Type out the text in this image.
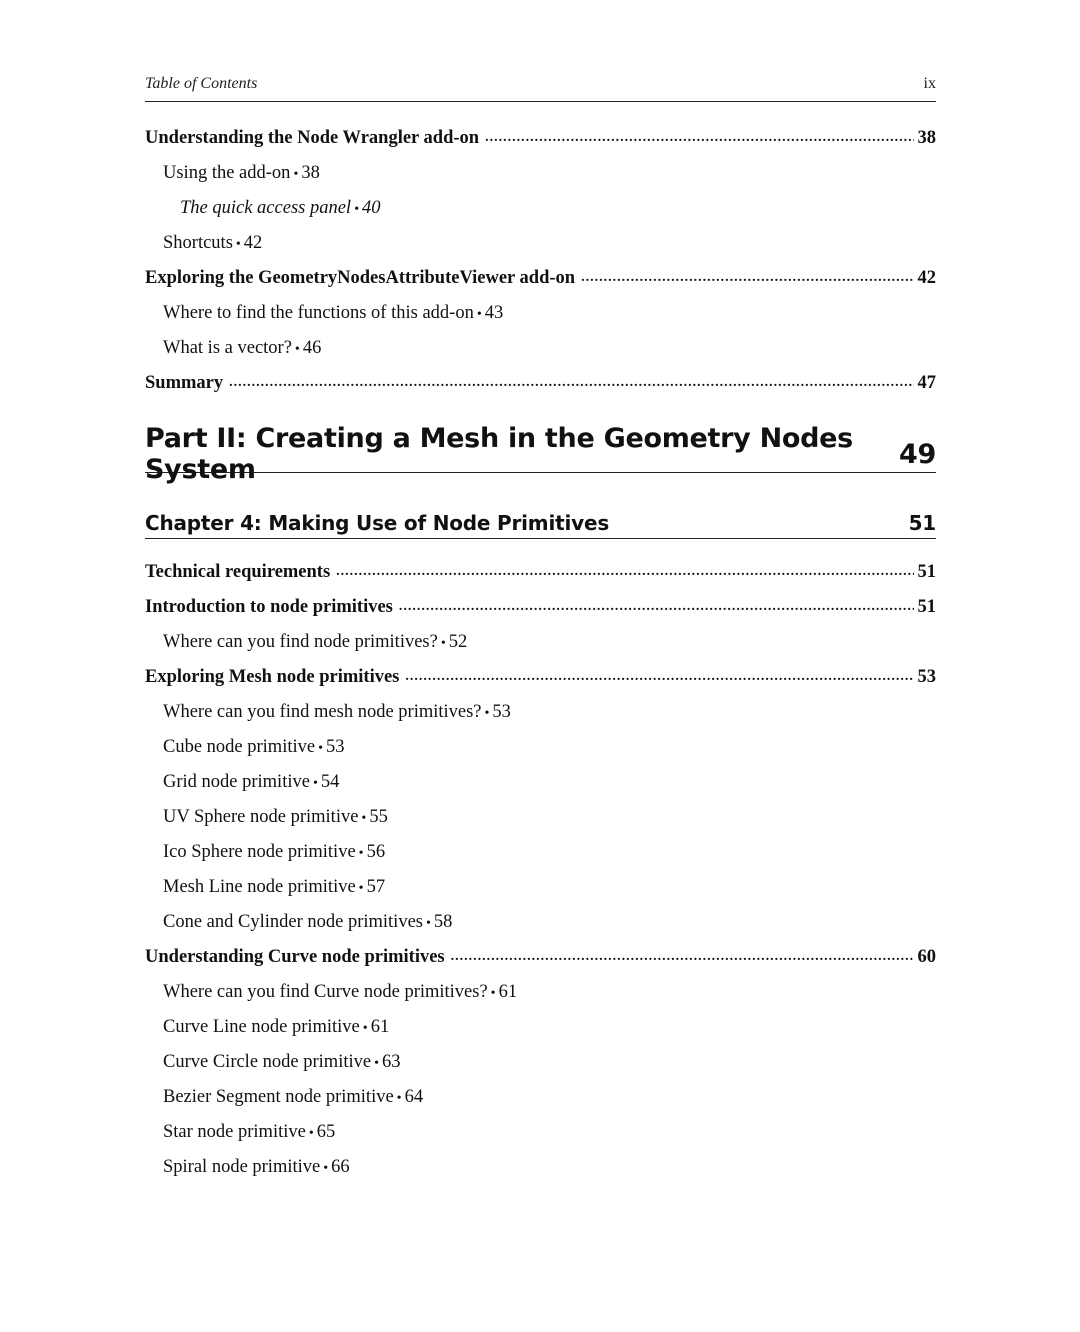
Table of Contents	ix
Understanding the Node Wrangler add-on .....	38
Using the add-on • 38
The quick access panel • 40
Shortcuts • 42
Exploring the GeometryNodesAttributeViewer add-on .....	42
Where to find the functions of this add-on • 43
What is a vector? • 46
Summary .....	47
Part II: Creating a Mesh in the Geometry Nodes System	49
Chapter 4: Making Use of Node Primitives	51
Technical requirements .....	51
Introduction to node primitives .....	51
Where can you find node primitives? • 52
Exploring Mesh node primitives .....	53
Where can you find mesh node primitives? • 53
Cube node primitive • 53
Grid node primitive • 54
UV Sphere node primitive • 55
Ico Sphere node primitive • 56
Mesh Line node primitive • 57
Cone and Cylinder node primitives • 58
Understanding Curve node primitives .....	60
Where can you find Curve node primitives? • 61
Curve Line node primitive • 61
Curve Circle node primitive • 63
Bezier Segment node primitive • 64
Star node primitive • 65
Spiral node primitive • 66
